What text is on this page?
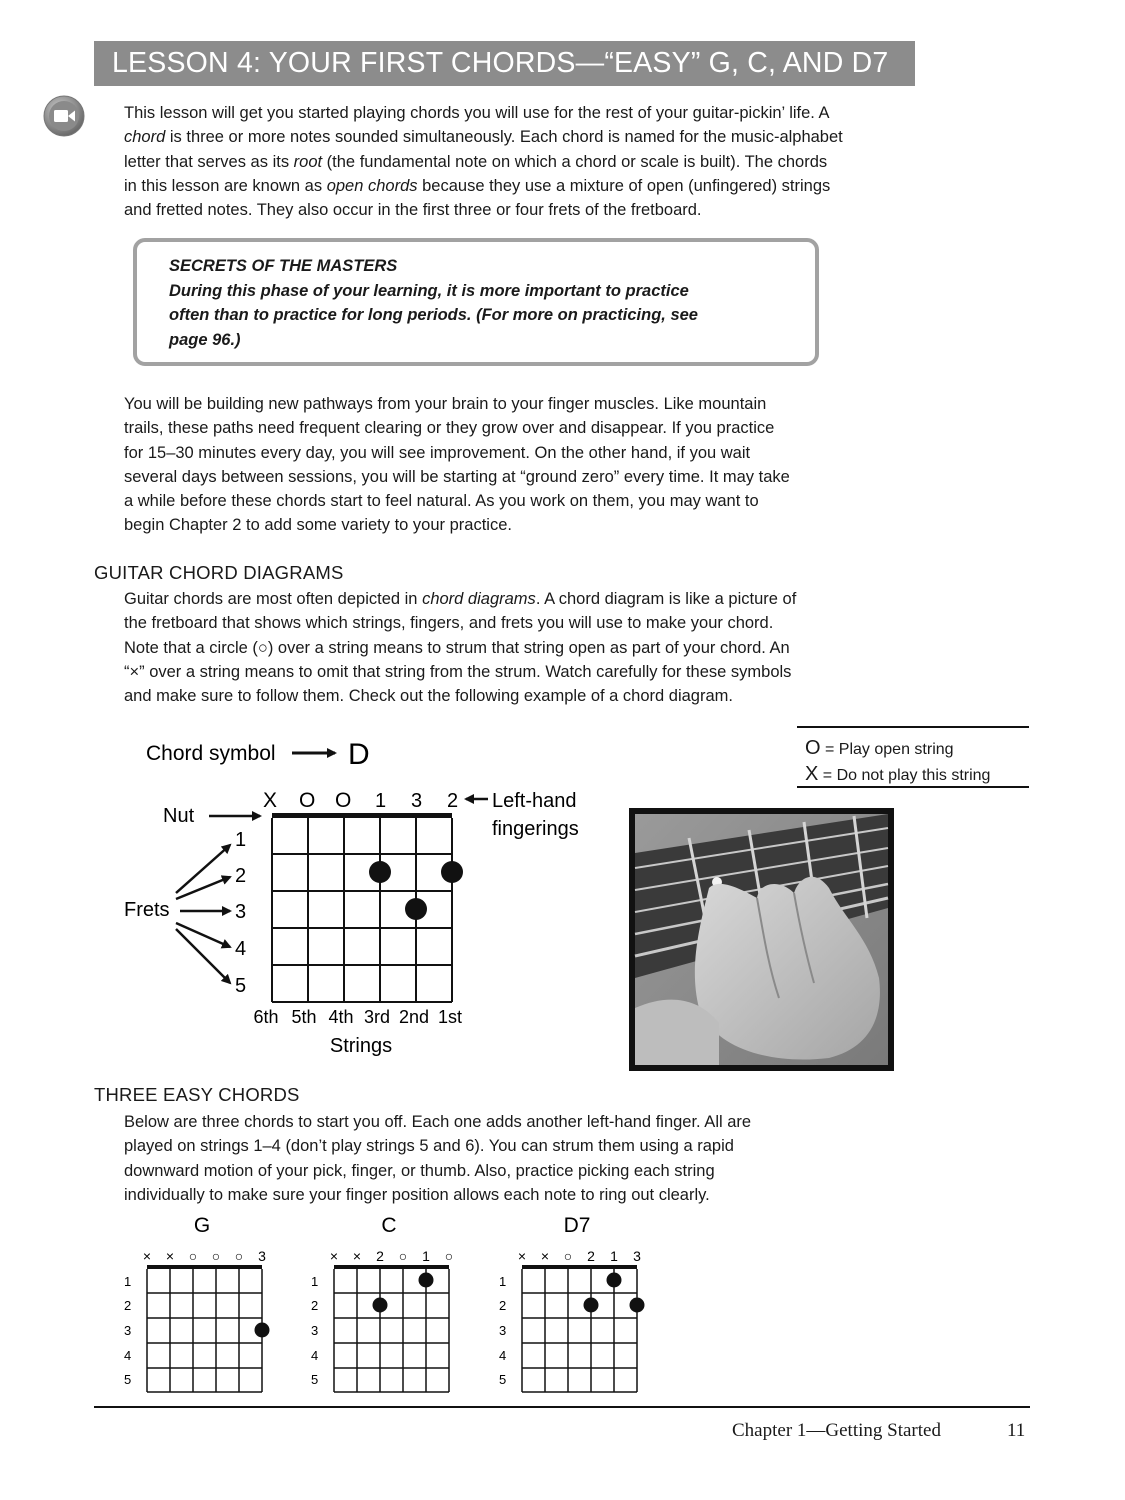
LESSON 4: YOUR FIRST CHORDS—“EASY” G, C, AND D7

This lesson will get you started playing chords you will use for the rest of your guitar-pickin’ life. A

chord is three or more notes sounded simultaneously. Each chord is named for the music-alphabet

letter that serves as its root (the fundamental note on which a chord or scale is built). The chords

in this lesson are known as open chords because they use a mixture of open (unfingered) strings

and fretted notes. They also occur in the first three or four frets of the fretboard.

SECRETS OF THE MASTERS

During this phase of your learning, it is more important to practice

often than to practice for long periods. (For more on practicing, see

page 96.)

You will be building new pathways from your brain to your finger muscles. Like mountain

trails, these paths need frequent clearing or they grow over and disappear. If you practice

for 15–30 minutes every day, you will see improvement. On the other hand, if you wait

several days between sessions, you will be starting at “ground zero” every time. It may take

a while before these chords start to feel natural. As you work on them, you may want to

begin Chapter 2 to add some variety to your practice.

GUITAR CHORD DIAGRAMS

Guitar chords are most often depicted in chord diagrams. A chord diagram is like a picture of

the fretboard that shows which strings, fingers, and frets you will use to make your chord.

Note that a circle (○) over a string means to strum that string open as part of your chord. An

“×” over a string means to omit that string from the strum. Watch carefully for these symbols

and make sure to follow them. Check out the following example of a chord diagram.

O = Play open string
X = Do not play this string
Chord symbol D
Nut
Frets
1
2
3
4
5
X O O 1 3 2 Left-hand
fingerings
6th 5th 4th 3rd 2nd 1st
Strings
THREE EASY CHORDS

Below are three chords to start you off. Each one adds another left-hand finger. All are

played on strings 1–4 (don’t play strings 5 and 6). You can strum them using a rapid

downward motion of your pick, finger, or thumb. Also, practice picking each string

individually to make sure your finger position allows each note to ring out clearly.

G
× × ○ ○ ○ 3
1
2
3
4
5
C
× × 2 ○ 1 ○
1
2
3
4
5
D7
× × ○ 2 1 3
1
2
3
4
5
Chapter 1—Getting Started	11
